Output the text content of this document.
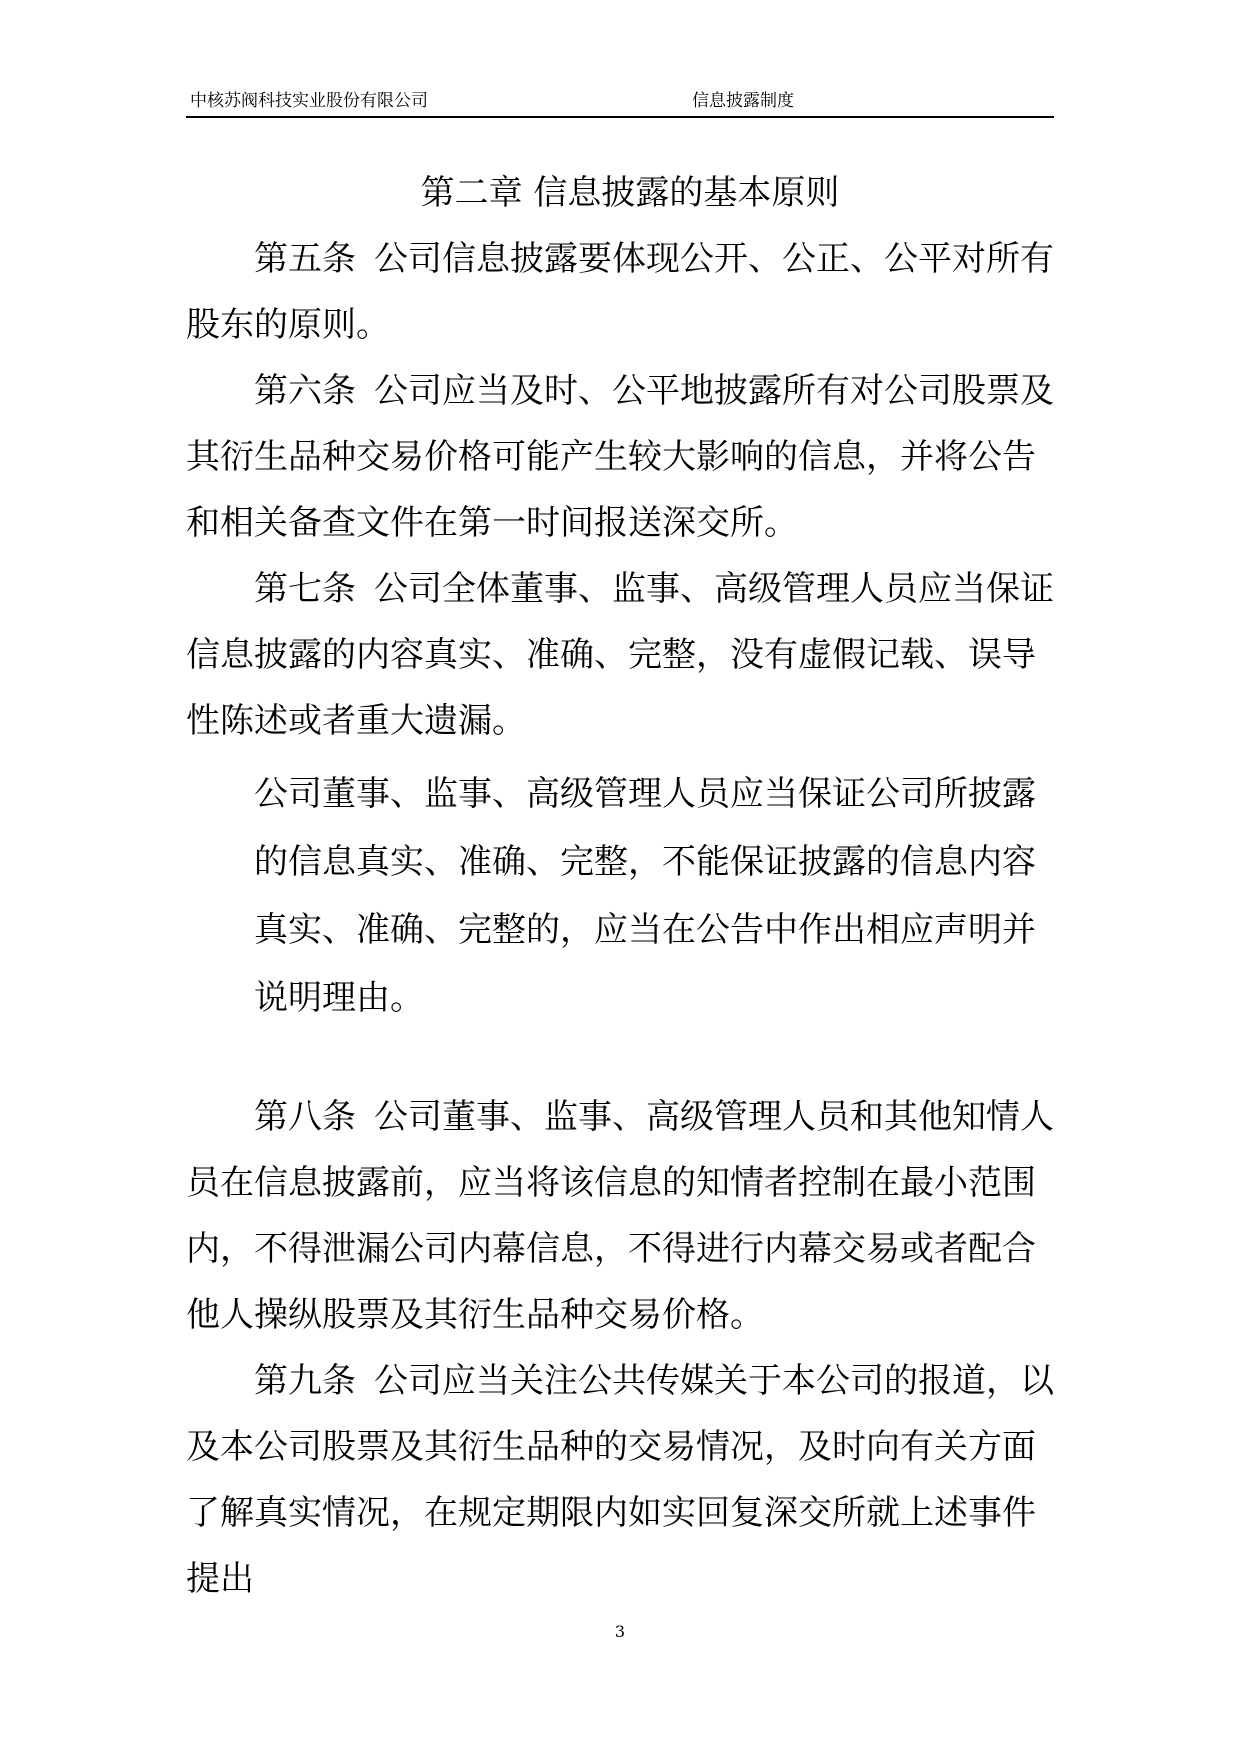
中核苏阀科技实业股份有限公司	信息披露制度
第二章 信息披露的基本原则

第五条 公司信息披露要体现公开、公正、公平对所有股东的原则。

第六条 公司应当及时、公平地披露所有对公司股票及其衍生品种交易价格可能产生较大影响的信息，并将公告和相关备查文件在第一时间报送深交所。

第七条 公司全体董事、监事、高级管理人员应当保证信息披露的内容真实、准确、完整，没有虚假记载、误导性陈述或者重大遗漏。

公司董事、监事、高级管理人员应当保证公司所披露的信息真实、准确、完整，不能保证披露的信息内容真实、准确、完整的，应当在公告中作出相应声明并说明理由。

第八条 公司董事、监事、高级管理人员和其他知情人员在信息披露前，应当将该信息的知情者控制在最小范围内，不得泄漏公司内幕信息，不得进行内幕交易或者配合他人操纵股票及其衍生品种交易价格。

第九条 公司应当关注公共传媒关于本公司的报道，以及本公司股票及其衍生品种的交易情况，及时向有关方面了解真实情况，在规定期限内如实回复深交所就上述事件提出

3
